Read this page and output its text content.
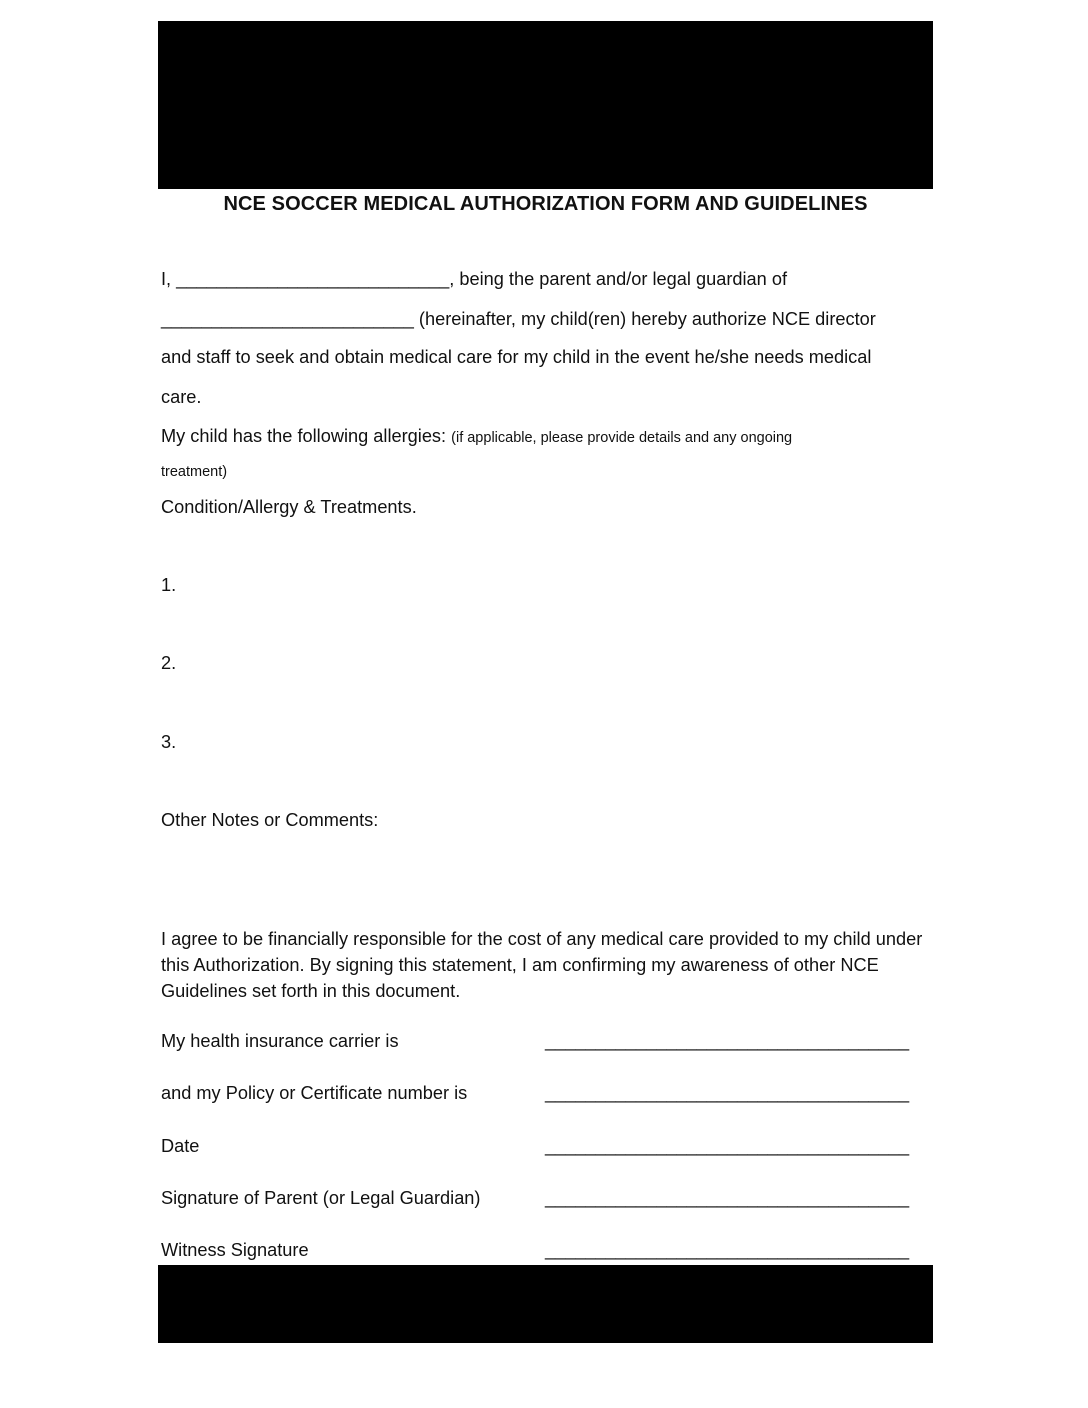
NCE SOCCER MEDICAL AUTHORIZATION FORM AND GUIDELINES
I, ___________________________, being the parent and/or legal guardian of
_________________________ (hereinafter, my child(ren) hereby authorize NCE director
and staff to seek and obtain medical care for my child in the event he/she needs medical
care.
My child has the following allergies: (if applicable, please provide details and any ongoing
treatment)
Condition/Allergy & Treatments.
1.
2.
3.
Other Notes or Comments:
I agree to be financially responsible for the cost of any medical care provided to my child under this Authorization. By signing this statement, I am confirming my awareness of other NCE Guidelines set forth in this document.
My health insurance carrier is	____________________________________
and my Policy or Certificate number is	____________________________________
Date	____________________________________
Signature of Parent (or Legal Guardian)	____________________________________
Witness Signature	____________________________________
